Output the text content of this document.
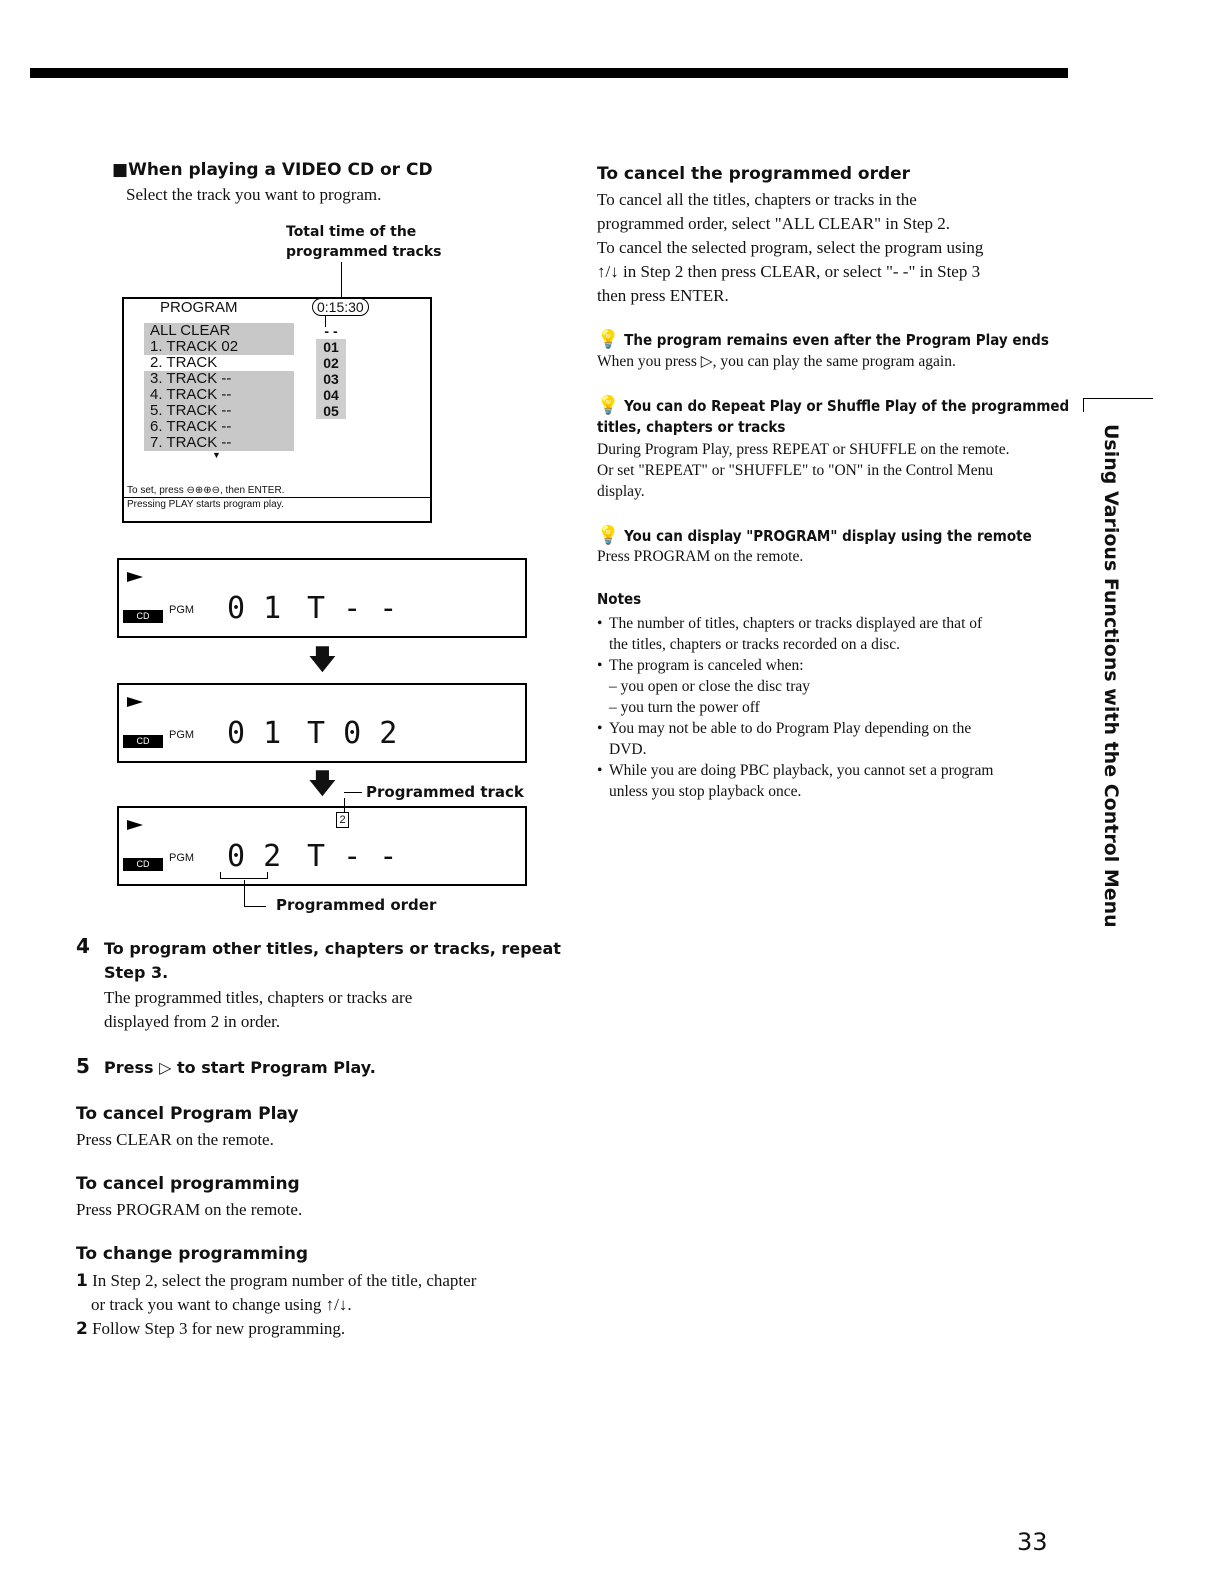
■When playing a VIDEO CD or CD
Select the track you want to program.
Total time of the
programmed tracks
PROGRAM	0:15:30
ALL CLEAR
1. TRACK 02
2. TRACK
3. TRACK --
4. TRACK --
5. TRACK --
6. TRACK --
7. TRACK --
▼
- -
01
02
03
04
05
To set, press ⊖⊕⊕⊖, then ENTER.
Pressing PLAY starts program play.
CD	PGM 0 1 T - -
🡇
CD	PGM 0 1 T 0 2
🡇 Programmed track
2
CD	PGM 0 2 T - -
Programmed order
4 To program other titles, chapters or tracks, repeat
Step 3.
The programmed titles, chapters or tracks are
displayed from 2 in order.
5 Press ▷ to start Program Play.
To cancel Program Play
Press CLEAR on the remote.
To cancel programming
Press PROGRAM on the remote.
To change programming
1 In Step 2, select the program number of the title, chapter
or track you want to change using ↑/↓.
2 Follow Step 3 for new programming.
To cancel the programmed order
To cancel all the titles, chapters or tracks in the
programmed order, select "ALL CLEAR" in Step 2.
To cancel the selected program, select the program using
↑/↓ in Step 2 then press CLEAR, or select "- -" in Step 3
then press ENTER.
💡 The program remains even after the Program Play ends
When you press ▷, you can play the same program again.
💡 You can do Repeat Play or Shuffle Play of the programmed
titles, chapters or tracks
During Program Play, press REPEAT or SHUFFLE on the remote.
Or set "REPEAT" or "SHUFFLE" to "ON" in the Control Menu
display.
💡 You can display "PROGRAM" display using the remote
Press PROGRAM on the remote.
Notes
• The number of titles, chapters or tracks displayed are that of
the titles, chapters or tracks recorded on a disc.
• The program is canceled when:
– you open or close the disc tray
– you turn the power off
• You may not be able to do Program Play depending on the
DVD.
• While you are doing PBC playback, you cannot set a program
unless you stop playback once.	Using Various Functions with the Control Menu
33
